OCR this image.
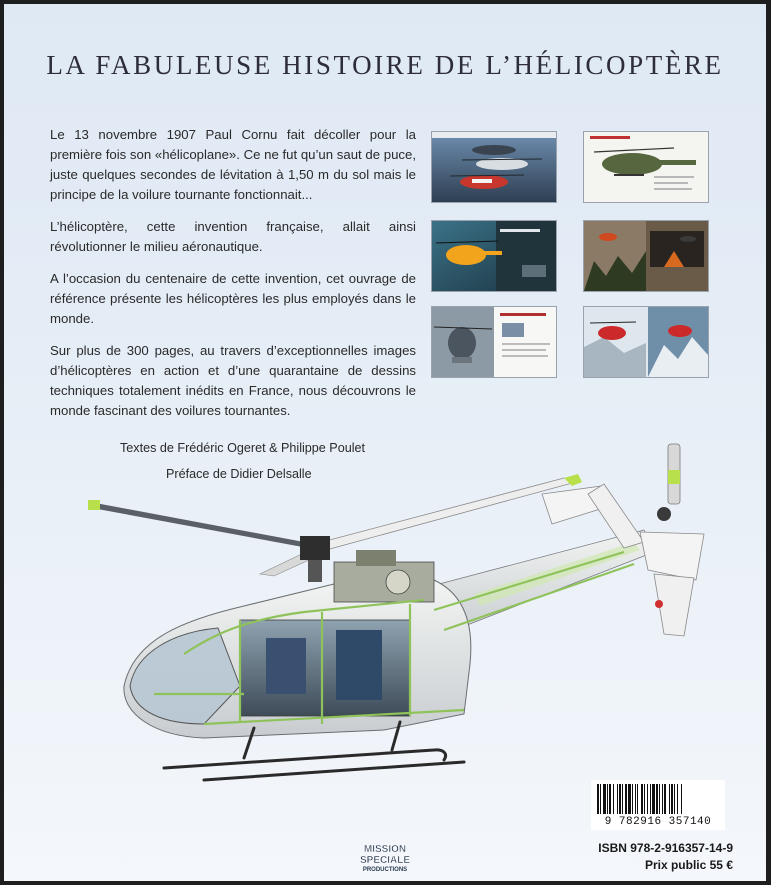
LA FABULEUSE HISTOIRE DE L’HÉLICOPTÈRE

Le 13 novembre 1907 Paul Cornu fait décoller pour la première fois son «hélicoplane». Ce ne fut qu’un saut de puce, juste quelques secondes de lévitation à 1,50 m du sol mais le principe de la voilure tournante fonctionnait...

L’hélicoptère, cette invention française, allait ainsi révolutionner le milieu aéronautique.

A l’occasion du centenaire de cette invention, cet ouvrage de référence présente les hélicoptères les plus employés dans le monde.

Sur plus de 300 pages, au travers d’exceptionnelles images d’hélicoptères en action et d’une quarantaine de dessins techniques totalement inédits en France, nous découvrons le monde fascinant des voilures tournantes.

Textes de Frédéric Ogeret & Philippe Poulet

Préface de Didier Delsalle

9 782916 357140

ISBN 978-2-916357-14-9

Prix public 55 €

MISSION
SPECIALE
PRODUCTIONS
